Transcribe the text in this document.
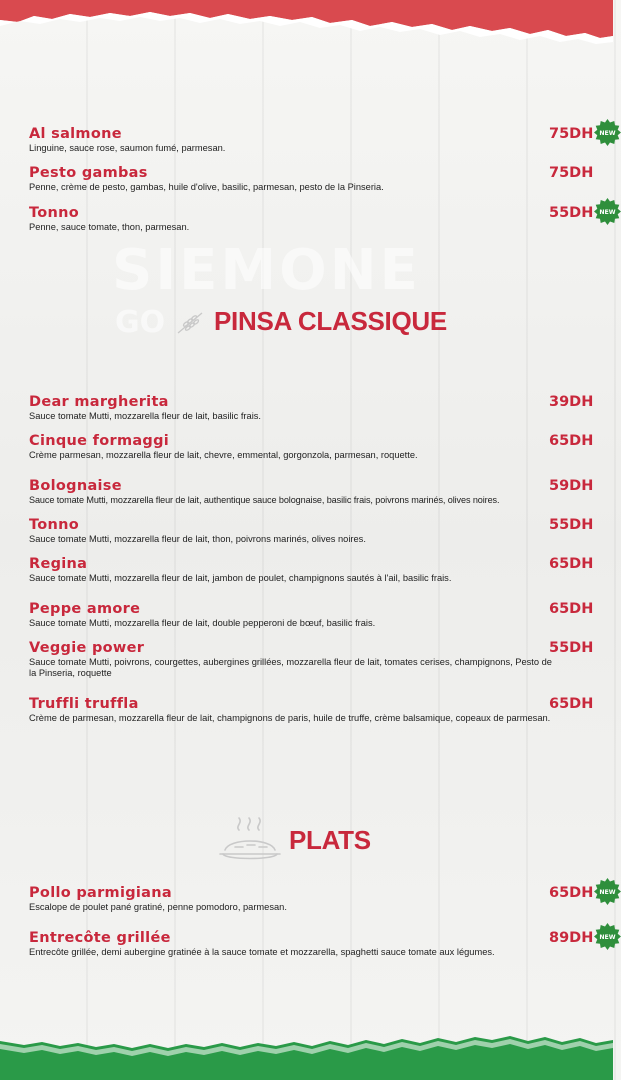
SIEMONE
GO
Al salmone
Linguine, sauce rose, saumon fumé, parmesan.
75DH NEW
Pesto gambas
Penne, crème de pesto, gambas, huile d'olive, basilic, parmesan, pesto de la Pinseria.
75DH
Tonno
Penne, sauce tomate, thon, parmesan.
55DH NEW
PINSA CLASSIQUE
Dear margherita
Sauce tomate Mutti, mozzarella fleur de lait, basilic frais.
39DH
Cinque formaggi
Crème parmesan, mozzarella fleur de lait, chevre, emmental, gorgonzola, parmesan, roquette.
65DH
Bolognaise
Sauce tomate Mutti, mozzarella fleur de lait, authentique sauce bolognaise, basilic frais, poivrons marinés, olives noires.
59DH
Tonno
Sauce tomate Mutti, mozzarella fleur de lait, thon, poivrons marinés, olives noires.
55DH
Regina
Sauce tomate Mutti, mozzarella fleur de lait, jambon de poulet, champignons sautés à l'ail, basilic frais.
65DH
Peppe amore
Sauce tomate Mutti, mozzarella fleur de lait, double pepperoni de bœuf, basilic frais.
65DH
Veggie power
Sauce tomate Mutti, poivrons, courgettes, aubergines grillées, mozzarella fleur de lait, tomates cerises, champignons, Pesto de la Pinseria, roquette
55DH
Truffli truffla
Crème de parmesan, mozzarella fleur de lait, champignons de paris, huile de truffe, crème balsamique, copeaux de parmesan.
65DH
PLATS
Pollo parmigiana
Escalope de poulet pané gratiné, penne pomodoro, parmesan.
65DH NEW
Entrecôte grillée
Entrecôte grillée, demi aubergine gratinée à la sauce tomate et mozzarella, spaghetti sauce tomate aux légumes.
89DH NEW
